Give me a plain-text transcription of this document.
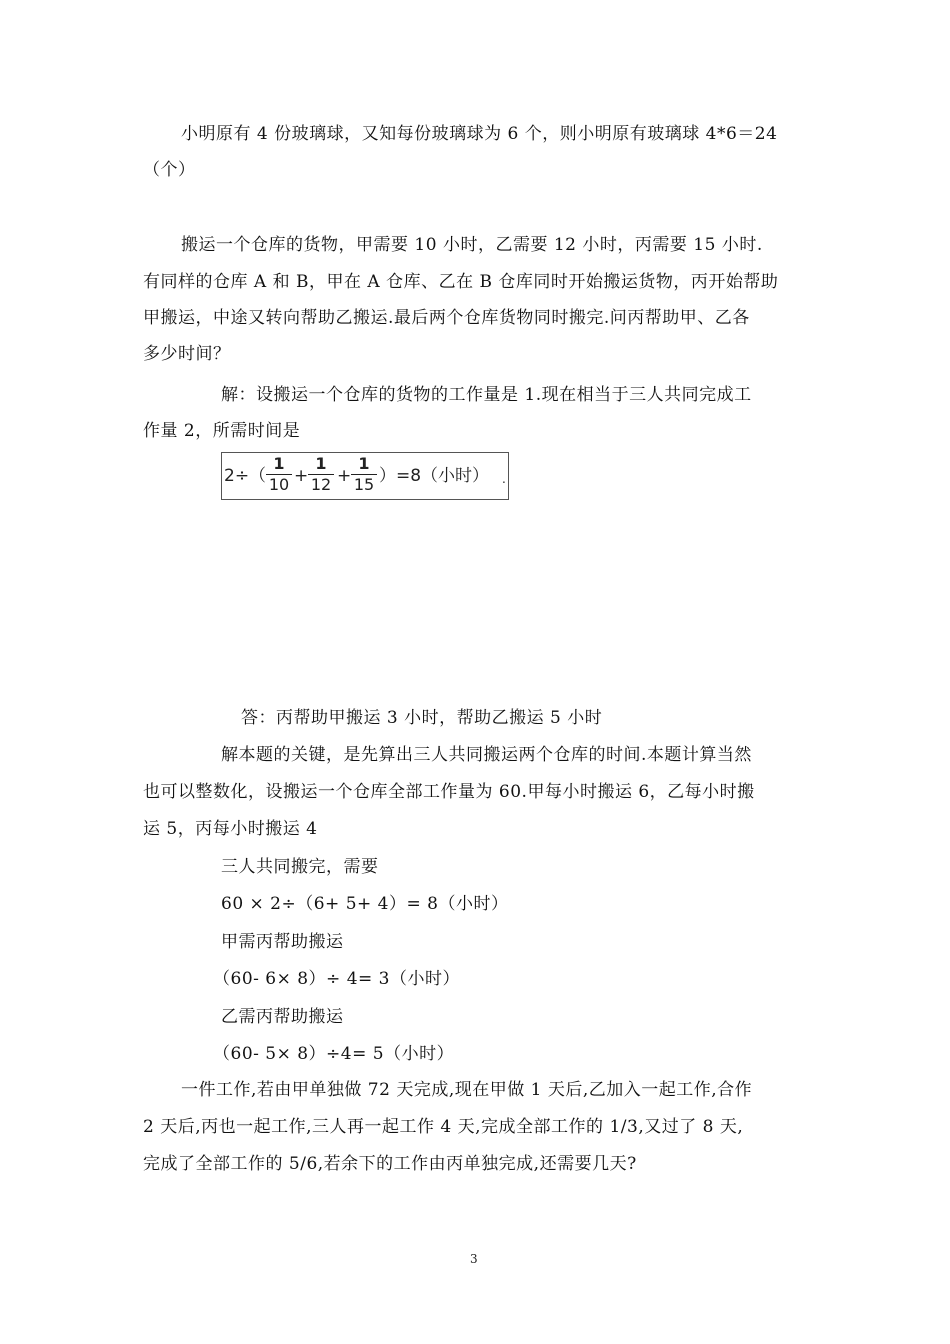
小明原有 4 份玻璃球，又知每份玻璃球为 6 个，则小明原有玻璃球 4*6＝24
（个）
搬运一个仓库的货物，甲需要 10 小时，乙需要 12 小时，丙需要 15 小时.
有同样的仓库 A 和 B，甲在 A 仓库、乙在 B 仓库同时开始搬运货物，丙开始帮助
甲搬运，中途又转向帮助乙搬运.最后两个仓库货物同时搬完.问丙帮助甲、乙各
多少时间？
解：设搬运一个仓库的货物的工作量是 1.现在相当于三人共同完成工
作量 2，所需时间是
2÷（
1
10 +
1
12 +
1
15 ）=8（小时） .
答：丙帮助甲搬运 3 小时，帮助乙搬运 5 小时
解本题的关键，是先算出三人共同搬运两个仓库的时间.本题计算当然
也可以整数化，设搬运一个仓库全部工作量为 60.甲每小时搬运 6，乙每小时搬
运 5，丙每小时搬运 4
三人共同搬完，需要
60 × 2÷（6+ 5+ 4）= 8（小时）
甲需丙帮助搬运
（60- 6× 8）÷ 4= 3（小时）
乙需丙帮助搬运
（60- 5× 8）÷4= 5（小时）
一件工作,若由甲单独做 72 天完成,现在甲做 1 天后,乙加入一起工作,合作
2 天后,丙也一起工作,三人再一起工作 4 天,完成全部工作的 1/3,又过了 8 天,
完成了全部工作的 5/6,若余下的工作由丙单独完成,还需要几天?
3
